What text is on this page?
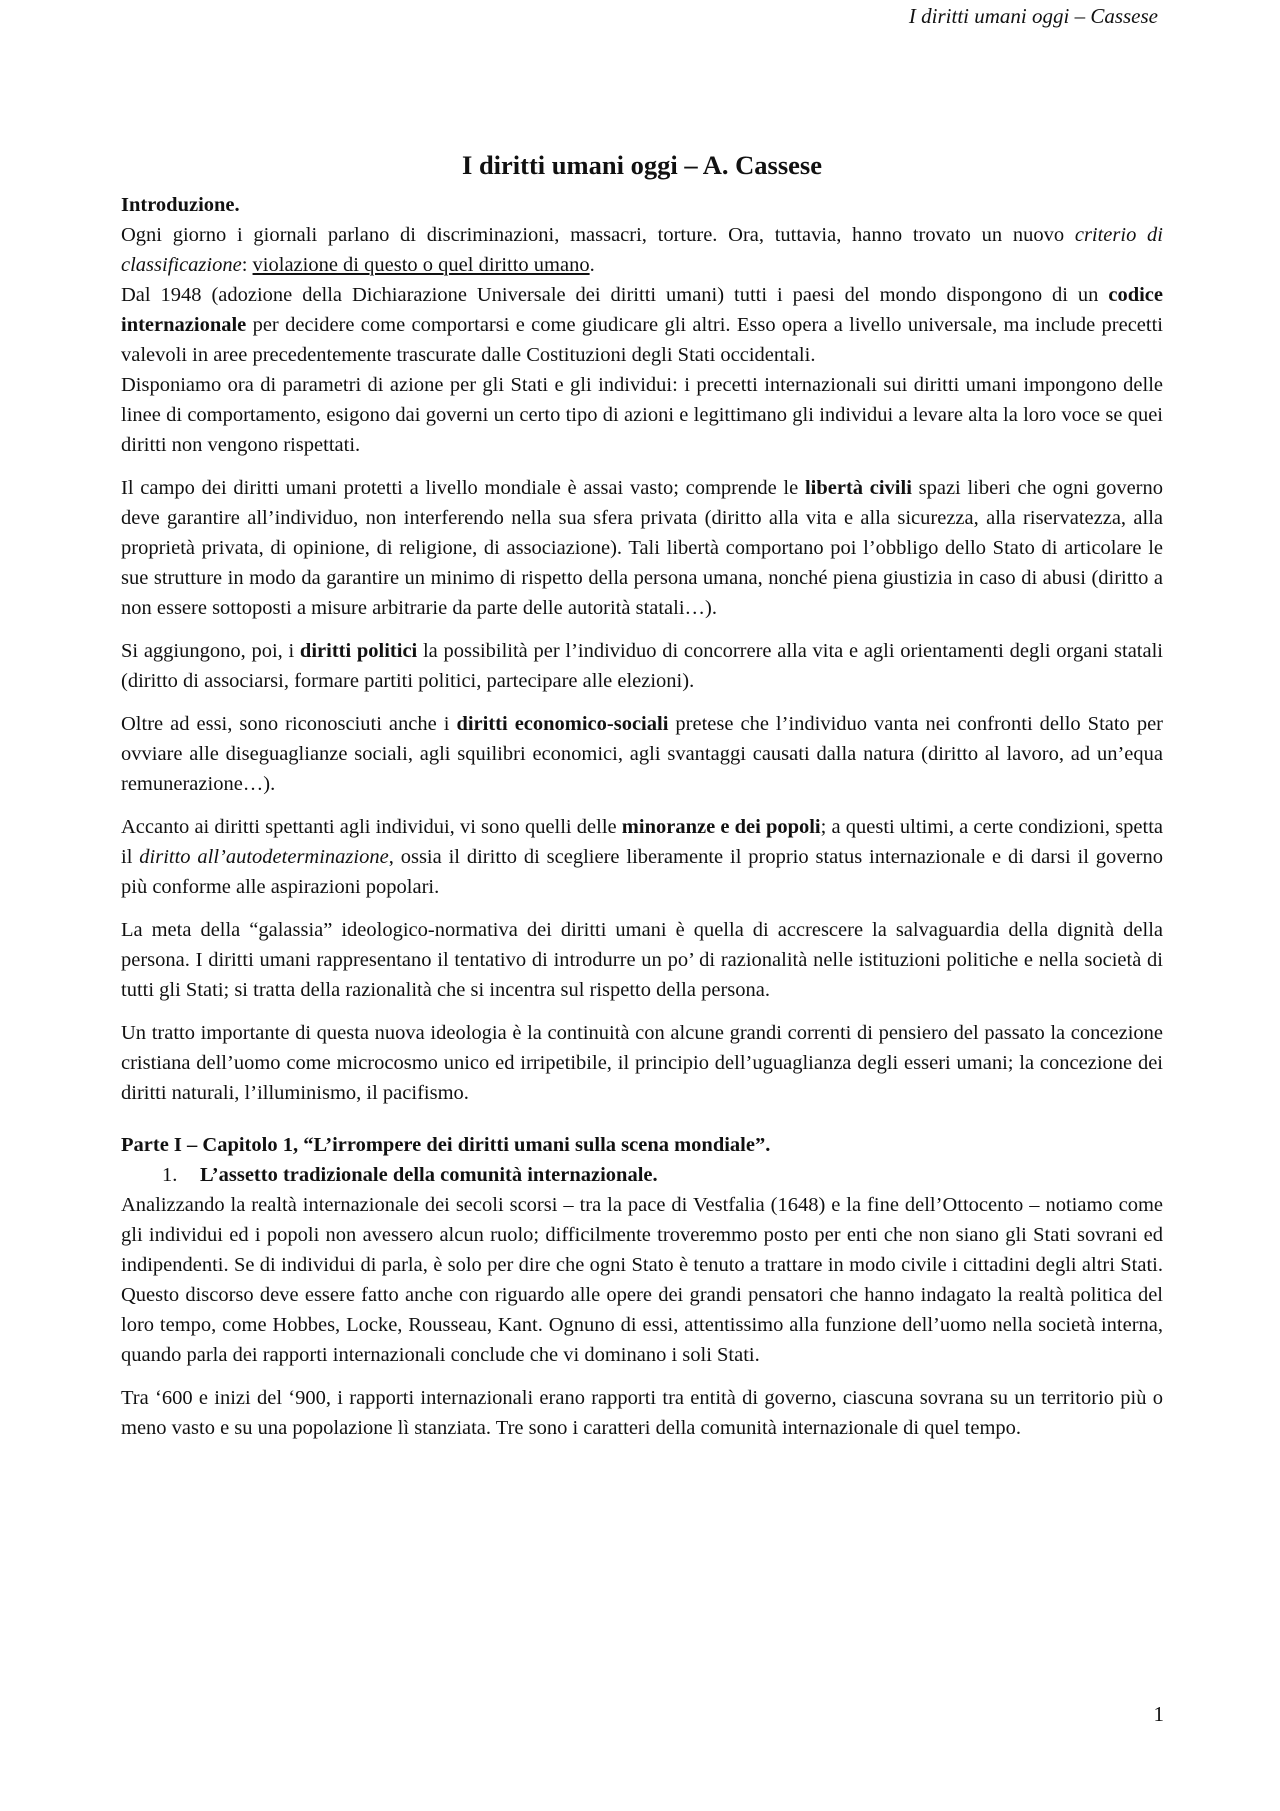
I diritti umani oggi – Cassese
I diritti umani oggi – A. Cassese
Introduzione.

Ogni giorno i giornali parlano di discriminazioni, massacri, torture. Ora, tuttavia, hanno trovato un nuovo criterio di classificazione: violazione di questo o quel diritto umano.

Dal 1948 (adozione della Dichiarazione Universale dei diritti umani) tutti i paesi del mondo dispongono di un codice internazionale per decidere come comportarsi e come giudicare gli altri. Esso opera a livello universale, ma include precetti valevoli in aree precedentemente trascurate dalle Costituzioni degli Stati occidentali.

Disponiamo ora di parametri di azione per gli Stati e gli individui: i precetti internazionali sui diritti umani impongono delle linee di comportamento, esigono dai governi un certo tipo di azioni e legittimano gli individui a levare alta la loro voce se quei diritti non vengono rispettati.

Il campo dei diritti umani protetti a livello mondiale è assai vasto; comprende le libertà civili spazi liberi che ogni governo deve garantire all’individuo, non interferendo nella sua sfera privata (diritto alla vita e alla sicurezza, alla riservatezza, alla proprietà privata, di opinione, di religione, di associazione). Tali libertà comportano poi l’obbligo dello Stato di articolare le sue strutture in modo da garantire un minimo di rispetto della persona umana, nonché piena giustizia in caso di abusi (diritto a non essere sottoposti a misure arbitrarie da parte delle autorità statali…).

Si aggiungono, poi, i diritti politici la possibilità per l’individuo di concorrere alla vita e agli orientamenti degli organi statali (diritto di associarsi, formare partiti politici, partecipare alle elezioni).

Oltre ad essi, sono riconosciuti anche i diritti economico-sociali pretese che l’individuo vanta nei confronti dello Stato per ovviare alle diseguaglianze sociali, agli squilibri economici, agli svantaggi causati dalla natura (diritto al lavoro, ad un’equa remunerazione…).

Accanto ai diritti spettanti agli individui, vi sono quelli delle minoranze e dei popoli; a questi ultimi, a certe condizioni, spetta il diritto all’autodeterminazione, ossia il diritto di scegliere liberamente il proprio status internazionale e di darsi il governo più conforme alle aspirazioni popolari.

La meta della “galassia” ideologico-normativa dei diritti umani è quella di accrescere la salvaguardia della dignità della persona. I diritti umani rappresentano il tentativo di introdurre un po’ di razionalità nelle istituzioni politiche e nella società di tutti gli Stati; si tratta della razionalità che si incentra sul rispetto della persona.

Un tratto importante di questa nuova ideologia è la continuità con alcune grandi correnti di pensiero del passato la concezione cristiana dell’uomo come microcosmo unico ed irripetibile, il principio dell’uguaglianza degli esseri umani; la concezione dei diritti naturali, l’illuminismo, il pacifismo.

Parte I – Capitolo 1, “L’irrompere dei diritti umani sulla scena mondiale”.
1. L’assetto tradizionale della comunità internazionale.

Analizzando la realtà internazionale dei secoli scorsi – tra la pace di Vestfalia (1648) e la fine dell’Ottocento – notiamo come gli individui ed i popoli non avessero alcun ruolo; difficilmente troveremmo posto per enti che non siano gli Stati sovrani ed indipendenti. Se di individui di parla, è solo per dire che ogni Stato è tenuto a trattare in modo civile i cittadini degli altri Stati. Questo discorso deve essere fatto anche con riguardo alle opere dei grandi pensatori che hanno indagato la realtà politica del loro tempo, come Hobbes, Locke, Rousseau, Kant. Ognuno di essi, attentissimo alla funzione dell’uomo nella società interna, quando parla dei rapporti internazionali conclude che vi dominano i soli Stati.

Tra ‘600 e inizi del ‘900, i rapporti internazionali erano rapporti tra entità di governo, ciascuna sovrana su un territorio più o meno vasto e su una popolazione lì stanziata. Tre sono i caratteri della comunità internazionale di quel tempo.

1
